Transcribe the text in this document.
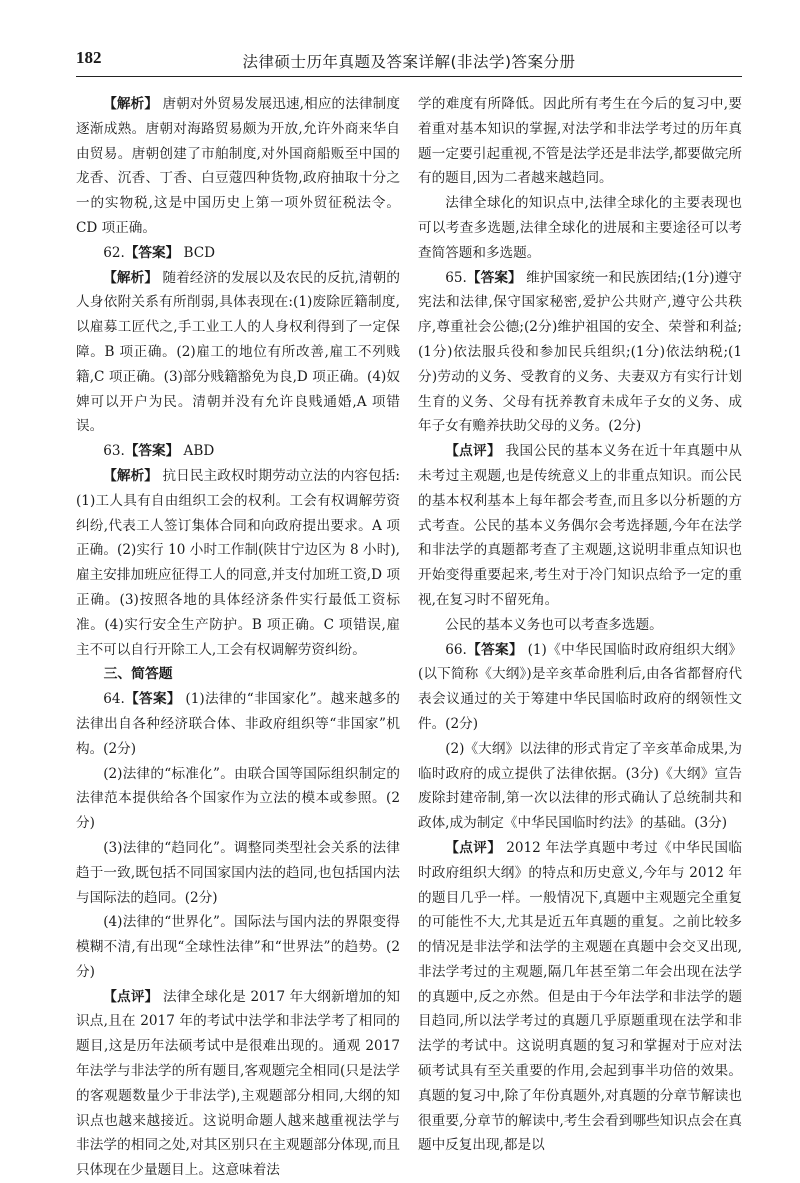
182	法律硕士历年真题及答案详解(非法学)答案分册

【解析】 唐朝对外贸易发展迅速,相应的法律制度逐渐成熟。唐朝对海路贸易颇为开放,允许外商来华自由贸易。唐朝创建了市舶制度,对外国商船贩至中国的龙香、沉香、丁香、白豆蔻四种货物,政府抽取十分之一的实物税,这是中国历史上第一项外贸征税法令。CD 项正确。

62.【答案】 BCD

【解析】 随着经济的发展以及农民的反抗,清朝的人身依附关系有所削弱,具体表现在:(1)废除匠籍制度,以雇募工匠代之,手工业工人的人身权利得到了一定保障。B 项正确。(2)雇工的地位有所改善,雇工不列贱籍,C 项正确。(3)部分贱籍豁免为良,D 项正确。(4)奴婢可以开户为民。清朝并没有允许良贱通婚,A 项错误。

63.【答案】 ABD

【解析】 抗日民主政权时期劳动立法的内容包括:(1)工人具有自由组织工会的权利。工会有权调解劳资纠纷,代表工人签订集体合同和向政府提出要求。A 项正确。(2)实行 10 小时工作制(陕甘宁边区为 8 小时),雇主安排加班应征得工人的同意,并支付加班工资,D 项正确。(3)按照各地的具体经济条件实行最低工资标准。(4)实行安全生产防护。B 项正确。C 项错误,雇主不可以自行开除工人,工会有权调解劳资纠纷。

三、简答题

64.【答案】 (1)法律的“非国家化”。越来越多的法律出自各种经济联合体、非政府组织等“非国家”机构。(2分)

(2)法律的“标准化”。由联合国等国际组织制定的法律范本提供给各个国家作为立法的模本或参照。(2分)

(3)法律的“趋同化”。调整同类型社会关系的法律趋于一致,既包括不同国家国内法的趋同,也包括国内法与国际法的趋同。(2分)

(4)法律的“世界化”。国际法与国内法的界限变得模糊不清,有出现“全球性法律”和“世界法”的趋势。(2分)

【点评】 法律全球化是 2017 年大纲新增加的知识点,且在 2017 年的考试中法学和非法学考了相同的题目,这是历年法硕考试中是很难出现的。通观 2017 年法学与非法学的所有题目,客观题完全相同(只是法学的客观题数量少于非法学),主观题部分相同,大纲的知识点也越来越接近。这说明命题人越来越重视法学与非法学的相同之处,对其区别只在主观题部分体现,而且只体现在少量题目上。这意味着法

学的难度有所降低。因此所有考生在今后的复习中,要着重对基本知识的掌握,对法学和非法学考过的历年真题一定要引起重视,不管是法学还是非法学,都要做完所有的题目,因为二者越来越趋同。

法律全球化的知识点中,法律全球化的主要表现也可以考查多选题,法律全球化的进展和主要途径可以考查简答题和多选题。

65.【答案】 维护国家统一和民族团结;(1分)遵守宪法和法律,保守国家秘密,爱护公共财产,遵守公共秩序,尊重社会公德;(2分)维护祖国的安全、荣誉和利益;(1分)依法服兵役和参加民兵组织;(1分)依法纳税;(1分)劳动的义务、受教育的义务、夫妻双方有实行计划生育的义务、父母有抚养教育未成年子女的义务、成年子女有赡养扶助父母的义务。(2分)

【点评】 我国公民的基本义务在近十年真题中从未考过主观题,也是传统意义上的非重点知识。而公民的基本权利基本上每年都会考查,而且多以分析题的方式考查。公民的基本义务偶尔会考选择题,今年在法学和非法学的真题都考查了主观题,这说明非重点知识也开始变得重要起来,考生对于冷门知识点给予一定的重视,在复习时不留死角。

公民的基本义务也可以考查多选题。

66.【答案】 (1)《中华民国临时政府组织大纲》(以下简称《大纲》)是辛亥革命胜利后,由各省都督府代表会议通过的关于筹建中华民国临时政府的纲领性文件。(2分)

(2)《大纲》以法律的形式肯定了辛亥革命成果,为临时政府的成立提供了法律依据。(3分)《大纲》宣告废除封建帝制,第一次以法律的形式确认了总统制共和政体,成为制定《中华民国临时约法》的基础。(3分)

【点评】 2012 年法学真题中考过《中华民国临时政府组织大纲》的特点和历史意义,今年与 2012 年的题目几乎一样。一般情况下,真题中主观题完全重复的可能性不大,尤其是近五年真题的重复。之前比较多的情况是非法学和法学的主观题在真题中会交叉出现,非法学考过的主观题,隔几年甚至第二年会出现在法学的真题中,反之亦然。但是由于今年法学和非法学的题目趋同,所以法学考过的真题几乎原题重现在法学和非法学的考试中。这说明真题的复习和掌握对于应对法硕考试具有至关重要的作用,会起到事半功倍的效果。真题的复习中,除了年份真题外,对真题的分章节解读也很重要,分章节的解读中,考生会看到哪些知识点会在真题中反复出现,都是以
